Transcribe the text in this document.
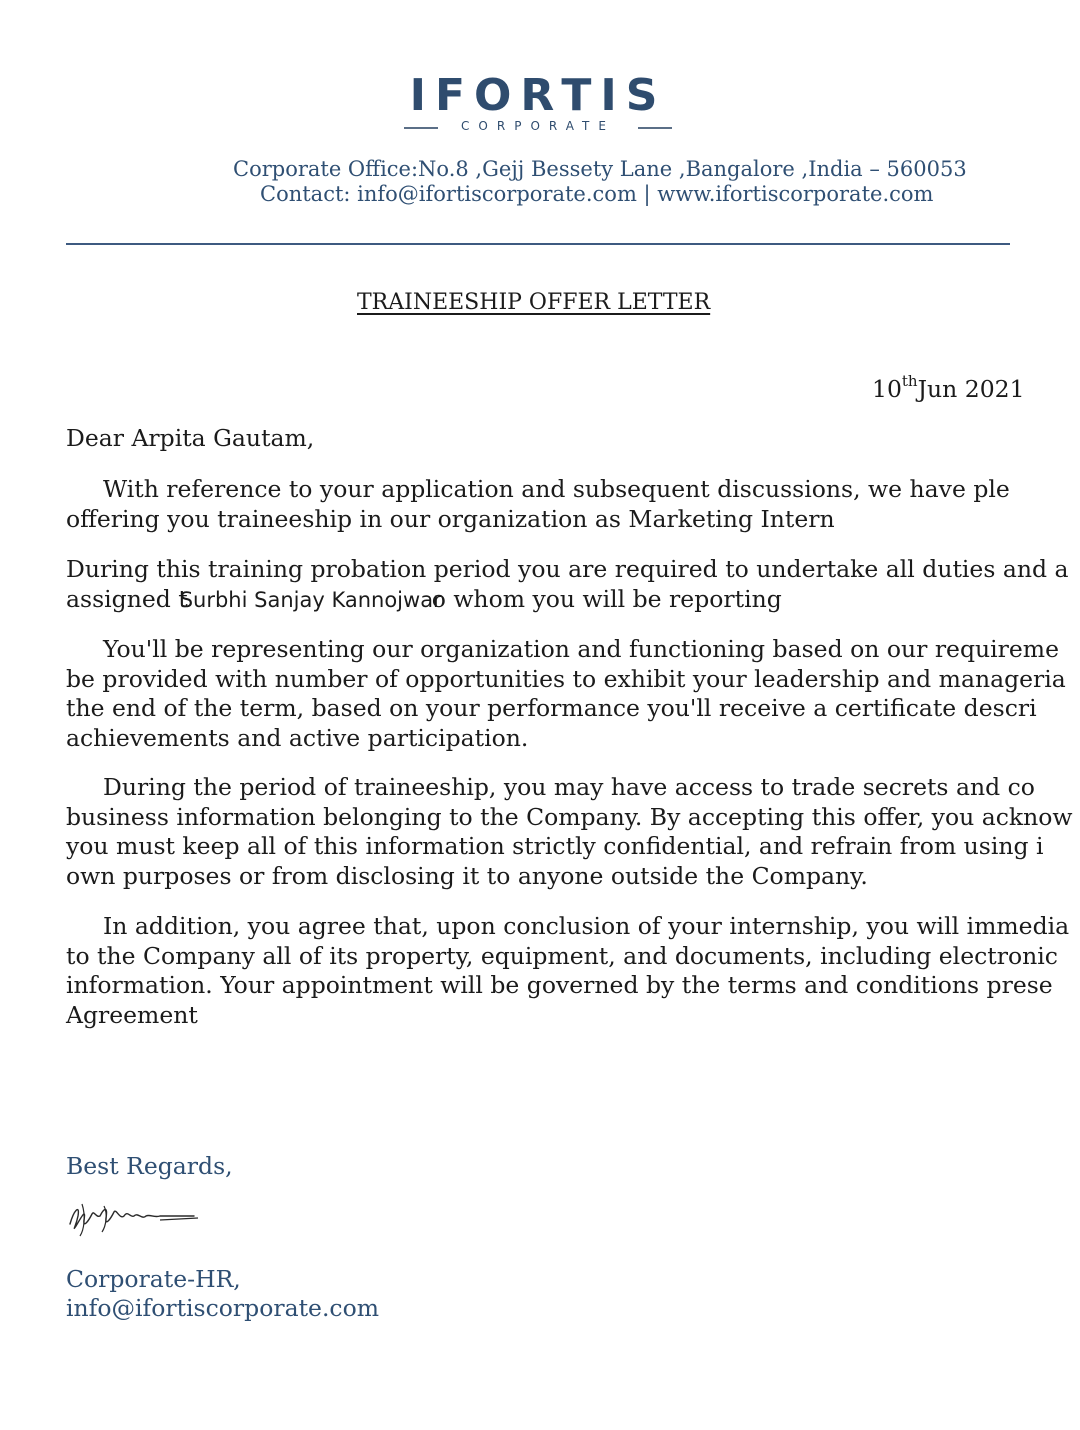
IFORTIS
CORPORATE
Corporate Office:No.8 ,Gejj Bessety Lane ,Bangalore ,India – 560053
Contact: info@ifortiscorporate.com | www.ifortiscorporate.com
TRAINEESHIP OFFER LETTER
10thJun 2021
Dear Arpita Gautam,
With reference to your application and subsequent discussions, we have ple
offering you traineeship in our organization as Marketing Intern
During this training probation period you are required to undertake all duties and a
assigned tSurbhi Sanjay Kannojwaro whom you will be reporting
You'll be representing our organization and functioning based on our requireme
be provided with number of opportunities to exhibit your leadership and manageria
the end of the term, based on your performance you'll receive a certificate descri
achievements and active participation.
During the period of traineeship, you may have access to trade secrets and co
business information belonging to the Company. By accepting this offer, you acknow
you must keep all of this information strictly confidential, and refrain from using i
own purposes or from disclosing it to anyone outside the Company.
In addition, you agree that, upon conclusion of your internship, you will immedia
to the Company all of its property, equipment, and documents, including electronic
information. Your appointment will be governed by the terms and conditions prese
Agreement
Best Regards,
Corporate-HR,
info@ifortiscorporate.com
